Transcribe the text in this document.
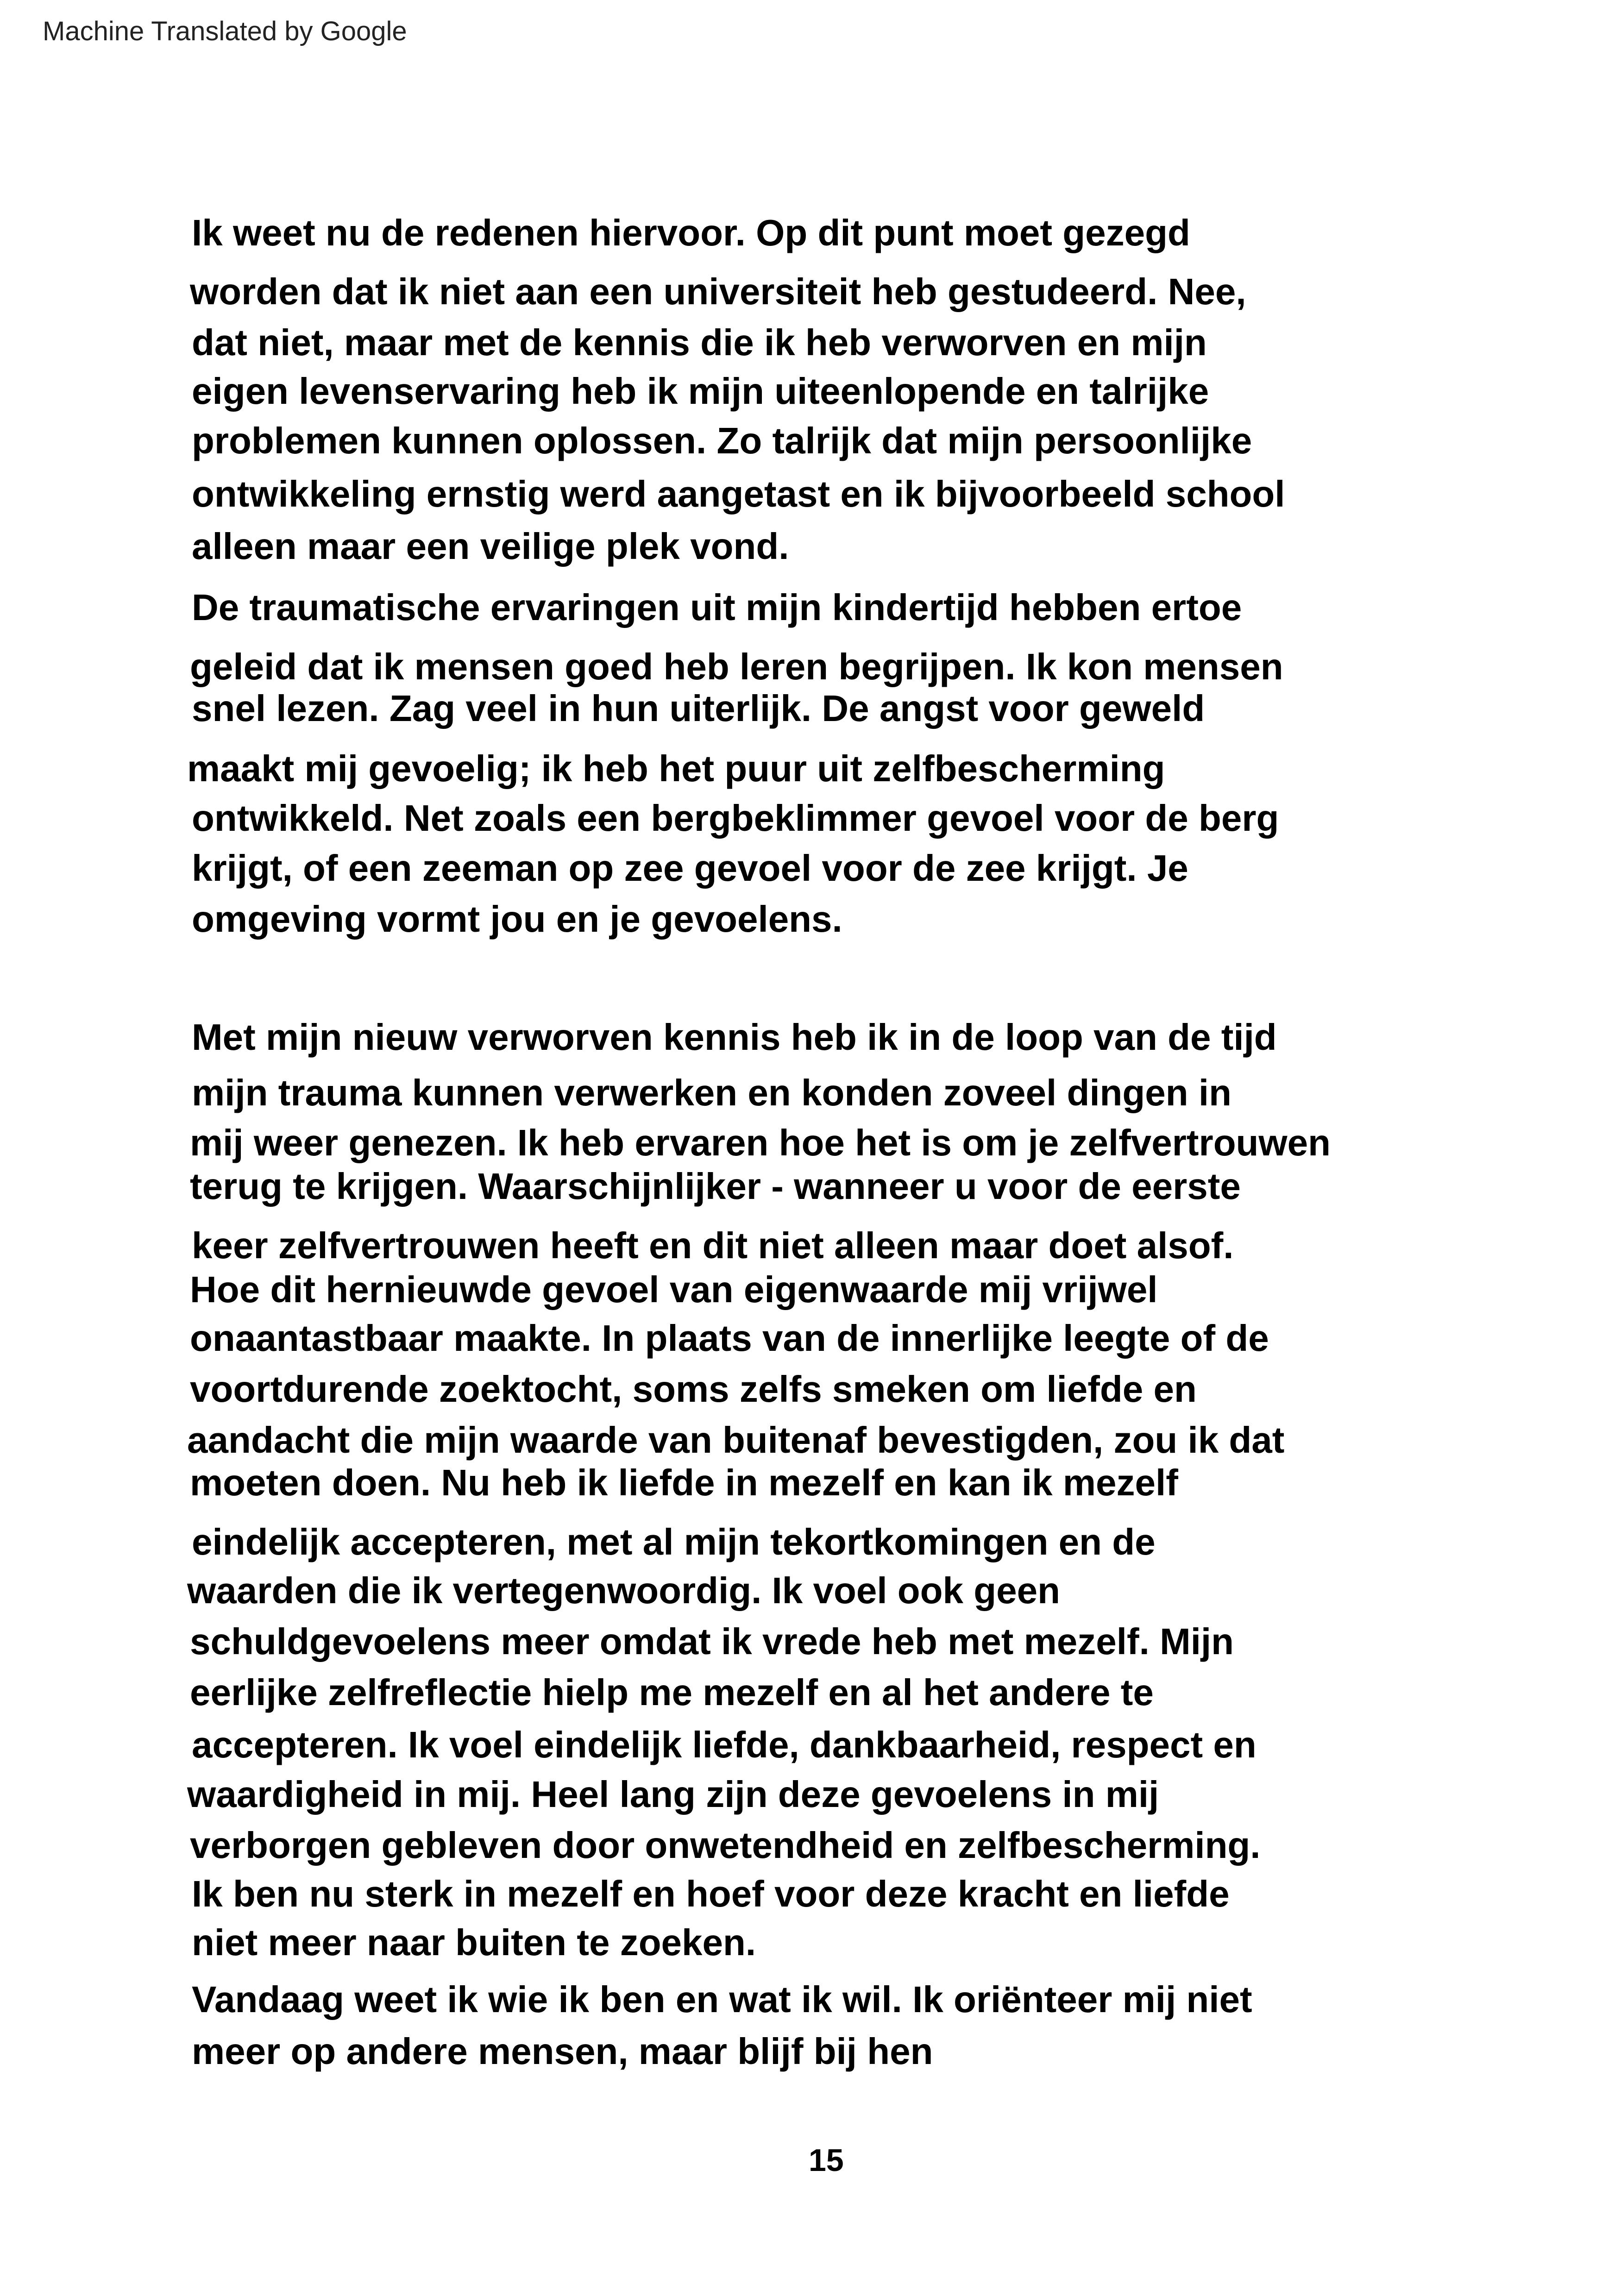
Machine Translated by Google
Ik weet nu de redenen hiervoor. Op dit punt moet gezegd
worden dat ik niet aan een universiteit heb gestudeerd. Nee,
dat niet, maar met de kennis die ik heb verworven en mijn
eigen levenservaring heb ik mijn uiteenlopende en talrijke
problemen kunnen oplossen. Zo talrijk dat mijn persoonlijke
ontwikkeling ernstig werd aangetast en ik bijvoorbeeld school
alleen maar een veilige plek vond.
De traumatische ervaringen uit mijn kindertijd hebben ertoe
geleid dat ik mensen goed heb leren begrijpen. Ik kon mensen
snel lezen. Zag veel in hun uiterlijk. De angst voor geweld
maakt mij gevoelig; ik heb het puur uit zelfbescherming
ontwikkeld. Net zoals een bergbeklimmer gevoel voor de berg
krijgt, of een zeeman op zee gevoel voor de zee krijgt. Je
omgeving vormt jou en je gevoelens.
Met mijn nieuw verworven kennis heb ik in de loop van de tijd
mijn trauma kunnen verwerken en konden zoveel dingen in
mij weer genezen. Ik heb ervaren hoe het is om je zelfvertrouwen
terug te krijgen. Waarschijnlijker - wanneer u voor de eerste
keer zelfvertrouwen heeft en dit niet alleen maar doet alsof.
Hoe dit hernieuwde gevoel van eigenwaarde mij vrijwel
onaantastbaar maakte. In plaats van de innerlijke leegte of de
voortdurende zoektocht, soms zelfs smeken om liefde en
aandacht die mijn waarde van buitenaf bevestigden, zou ik dat
moeten doen. Nu heb ik liefde in mezelf en kan ik mezelf
eindelijk accepteren, met al mijn tekortkomingen en de
waarden die ik vertegenwoordig. Ik voel ook geen
schuldgevoelens meer omdat ik vrede heb met mezelf. Mijn
eerlijke zelfreflectie hielp me mezelf en al het andere te
accepteren. Ik voel eindelijk liefde, dankbaarheid, respect en
waardigheid in mij. Heel lang zijn deze gevoelens in mij
verborgen gebleven door onwetendheid en zelfbescherming.
Ik ben nu sterk in mezelf en hoef voor deze kracht en liefde
niet meer naar buiten te zoeken.
Vandaag weet ik wie ik ben en wat ik wil. Ik oriënteer mij niet
meer op andere mensen, maar blijf bij hen
15
